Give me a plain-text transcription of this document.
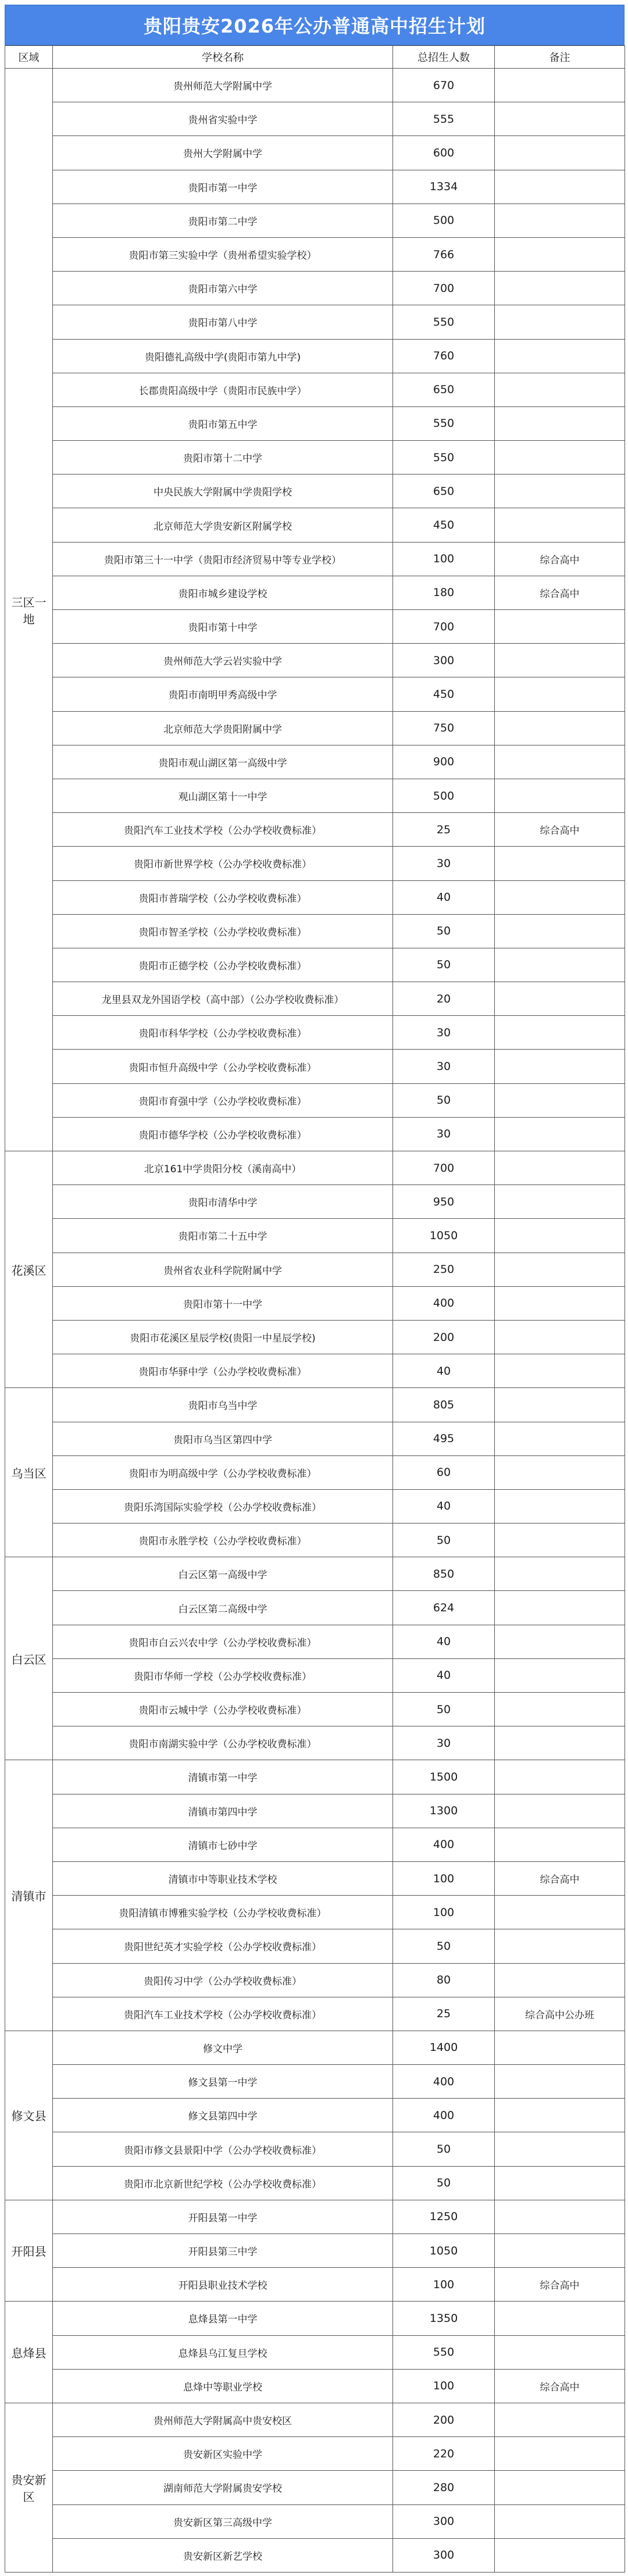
贵阳贵安2026年公办普通高中招生计划
区域	学校名称	总招生人数	备注
三区一地	贵州师范大学附属中学	670	
	贵州省实验中学	555	
	贵州大学附属中学	600	
	贵阳市第一中学	1334	
	贵阳市第二中学	500	
	贵阳市第三实验中学（贵州希望实验学校）	766	
	贵阳市第六中学	700	
	贵阳市第八中学	550	
	贵阳德礼高级中学(贵阳市第九中学)	760	
	长郡贵阳高级中学（贵阳市民族中学）	650	
	贵阳市第五中学	550	
	贵阳市第十二中学	550	
	中央民族大学附属中学贵阳学校	650	
	北京师范大学贵安新区附属学校	450	
	贵阳市第三十一中学（贵阳市经济贸易中等专业学校）	100	综合高中
	贵阳市城乡建设学校	180	综合高中
	贵阳市第十中学	700	
	贵州师范大学云岩实验中学	300	
	贵阳市南明甲秀高级中学	450	
	北京师范大学贵阳附属中学	750	
	贵阳市观山湖区第一高级中学	900	
	观山湖区第十一中学	500	
	贵阳汽车工业技术学校（公办学校收费标准）	25	综合高中
	贵阳市新世界学校（公办学校收费标准）	30	
	贵阳市普瑞学校（公办学校收费标准）	40	
	贵阳市智圣学校（公办学校收费标准）	50	
	贵阳市正德学校（公办学校收费标准）	50	
	龙里县双龙外国语学校（高中部）（公办学校收费标准）	20	
	贵阳市科华学校（公办学校收费标准）	30	
	贵阳市恒升高级中学（公办学校收费标准）	30	
	贵阳市育强中学（公办学校收费标准）	50	
	贵阳市德华学校（公办学校收费标准）	30	
花溪区	北京161中学贵阳分校（溪南高中）	700	
	贵阳市清华中学	950	
	贵阳市第二十五中学	1050	
	贵州省农业科学院附属中学	250	
	贵阳市第十一中学	400	
	贵阳市花溪区星辰学校(贵阳一中星辰学校)	200	
	贵阳市华驿中学（公办学校收费标准）	40	
乌当区	贵阳市乌当中学	805	
	贵阳市乌当区第四中学	495	
	贵阳市为明高级中学（公办学校收费标准）	60	
	贵阳乐湾国际实验学校（公办学校收费标准）	40	
	贵阳市永胜学校（公办学校收费标准）	50	
白云区	白云区第一高级中学	850	
	白云区第二高级中学	624	
	贵阳市白云兴农中学（公办学校收费标准）	40	
	贵阳市华师一学校（公办学校收费标准）	40	
	贵阳市云城中学（公办学校收费标准）	50	
	贵阳市南湖实验中学（公办学校收费标准）	30	
清镇市	清镇市第一中学	1500	
	清镇市第四中学	1300	
	清镇市七砂中学	400	
	清镇市中等职业技术学校	100	综合高中
	贵阳清镇市博雅实验学校（公办学校收费标准）	100	
	贵阳世纪英才实验学校（公办学校收费标准）	50	
	贵阳传习中学（公办学校收费标准）	80	
	贵阳汽车工业技术学校（公办学校收费标准）	25	综合高中公办班
修文县	修文中学	1400	
	修文县第一中学	400	
	修文县第四中学	400	
	贵阳市修文县景阳中学（公办学校收费标准）	50	
	贵阳市北京新世纪学校（公办学校收费标准）	50	
开阳县	开阳县第一中学	1250	
	开阳县第三中学	1050	
	开阳县职业技术学校	100	综合高中
息烽县	息烽县第一中学	1350	
	息烽县乌江复旦学校	550	
	息烽中等职业学校	100	综合高中
贵安新区	贵州师范大学附属高中贵安校区	200	
	贵安新区实验中学	220	
	湖南师范大学附属贵安学校	280	
	贵安新区第三高级中学	300	
	贵安新区新艺学校	300	
